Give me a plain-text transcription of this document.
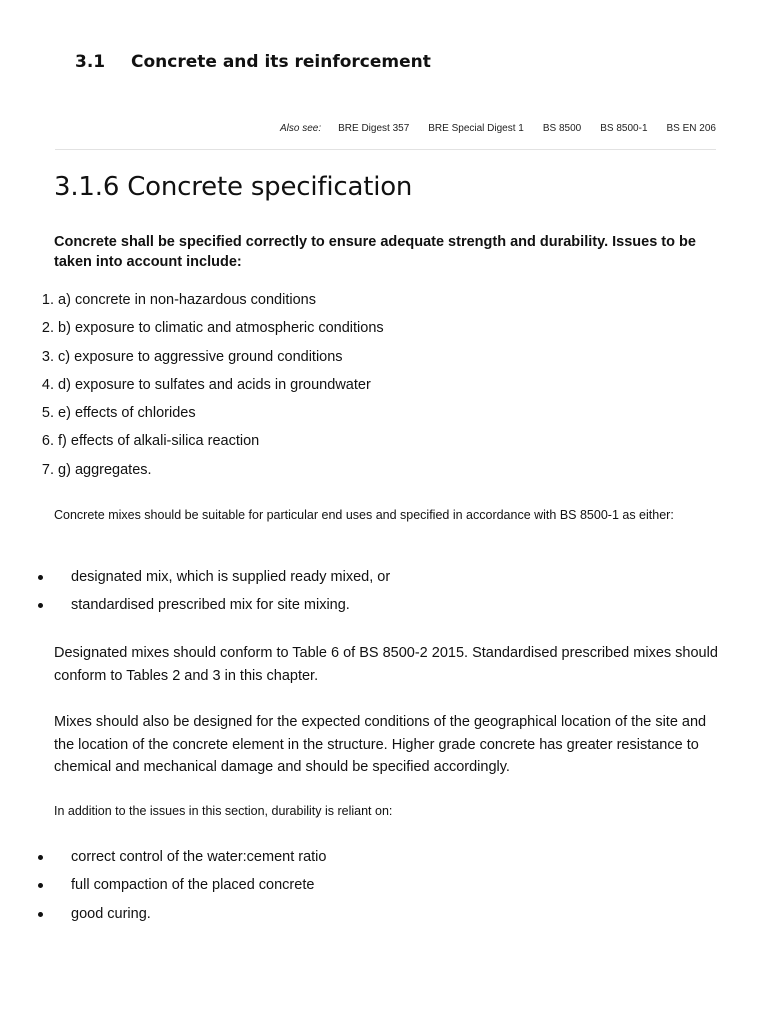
3.1 Concrete and its reinforcement
Also see: BRE Digest 357 BRE Special Digest 1 BS 8500 BS 8500-1 BS EN 206
3.1.6 Concrete specification

Concrete shall be specified correctly to ensure adequate strength and durability. Issues to be taken into account include:

1. a) concrete in non-hazardous conditions
2. b) exposure to climatic and atmospheric conditions
3. c) exposure to aggressive ground conditions
4. d) exposure to sulfates and acids in groundwater
5. e) effects of chlorides
6. f) effects of alkali-silica reaction
7. g) aggregates.

Concrete mixes should be suitable for particular end uses and specified in accordance with BS 8500-1 as either:

designated mix, which is supplied ready mixed, or
standardised prescribed mix for site mixing.

Designated mixes should conform to Table 6 of BS 8500-2 2015. Standardised prescribed mixes should conform to Tables 2 and 3 in this chapter.

Mixes should also be designed for the expected conditions of the geographical location of the site and the location of the concrete element in the structure. Higher grade concrete has greater resistance to chemical and mechanical damage and should be specified accordingly.

In addition to the issues in this section, durability is reliant on:

correct control of the water:cement ratio
full compaction of the placed concrete
good curing.
